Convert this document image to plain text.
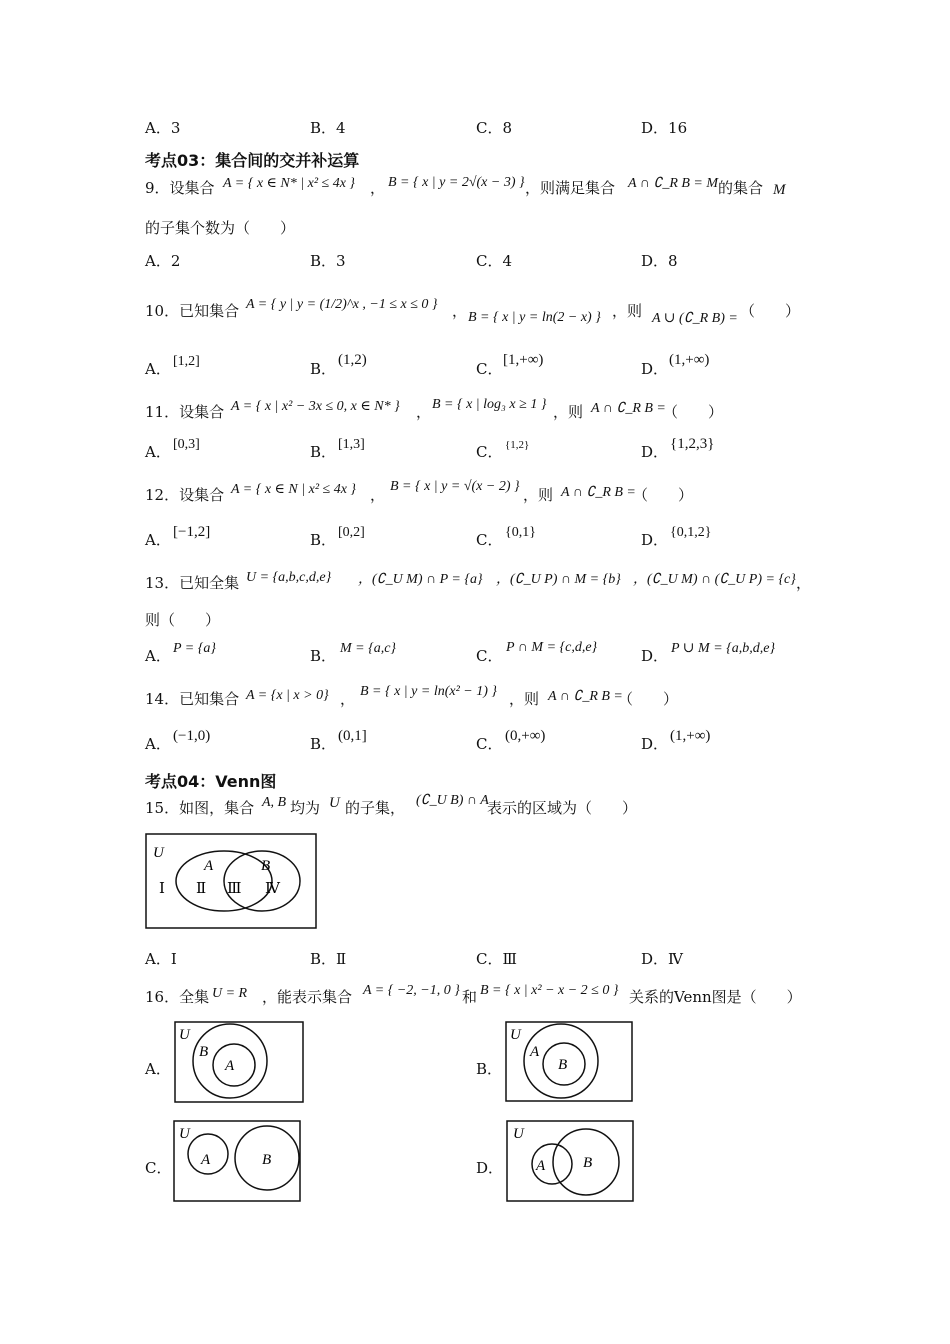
A．3	B．4	C．8	D．16
考点03：集合间的交并补运算
9．设集合 A = { x ∈ N* | x² ≤ 4x } ， B = { x | y = 2√(x − 3) } ，则满足集合 A ∩ ∁_R B = M 的集合 M
的子集个数为（　　）
A．2	B．3	C．4	D．8
10．已知集合 A = { y | y = (1/2)^x , −1 ≤ x ≤ 0 } ， B = { x | y = ln(2 − x) } ，则 A ∪ (∁_R B) = （　　）
A． [1,2]	B． (1,2)	C． [1,+∞)	D． (1,+∞)
11．设集合 A = { x | x² − 3x ≤ 0, x ∈ N* } ， B = { x | log₃ x ≥ 1 } ，则 A ∩ ∁_R B =
（　　）
A． [0,3]	B． [1,3]	C． {1,2}	D． {1,2,3}
12．设集合 A = { x ∈ N | x² ≤ 4x } ， B = { x | y = √(x − 2) } ，则 A ∩ ∁_R B =
（　　）
A． [−1,2]	B． [0,2]	C． {0,1}	D． {0,1,2}
13．已知全集 U = {a,b,c,d,e} ，(∁_U M) ∩ P = {a} ，(∁_U P) ∩ M = {b} ，(∁_U M) ∩ (∁_U P) = {c} ，
则（　　）
A． P = {a}	B． M = {a,c}	C． P ∩ M = {c,d,e}	D． P ∪ M = {a,b,d,e}
14．已知集合 A = {x | x > 0} ， B = { x | y = ln(x² − 1) } ，则 A ∩ ∁_R B =
（　　）
A． (−1,0)	B． (0,1]	C． (0,+∞)	D． (1,+∞)
考点04：Venn图
15．如图，集合 A, B 均为 U 的子集， (∁_U B) ∩ A
表示的区域为（　　）
U
A	B
Ⅰ Ⅱ Ⅲ Ⅳ
A．Ⅰ	B．Ⅱ	C．Ⅲ	D．Ⅳ
16．全集 U = R ，能表示集合 A = { −2, −1, 0 } 和 B = { x | x² − x − 2 ≤ 0 } 关系的Venn图是（　　）
A．
U
B
A	B．
U
A
B
C．
U
A	B	D．
U
A	B
